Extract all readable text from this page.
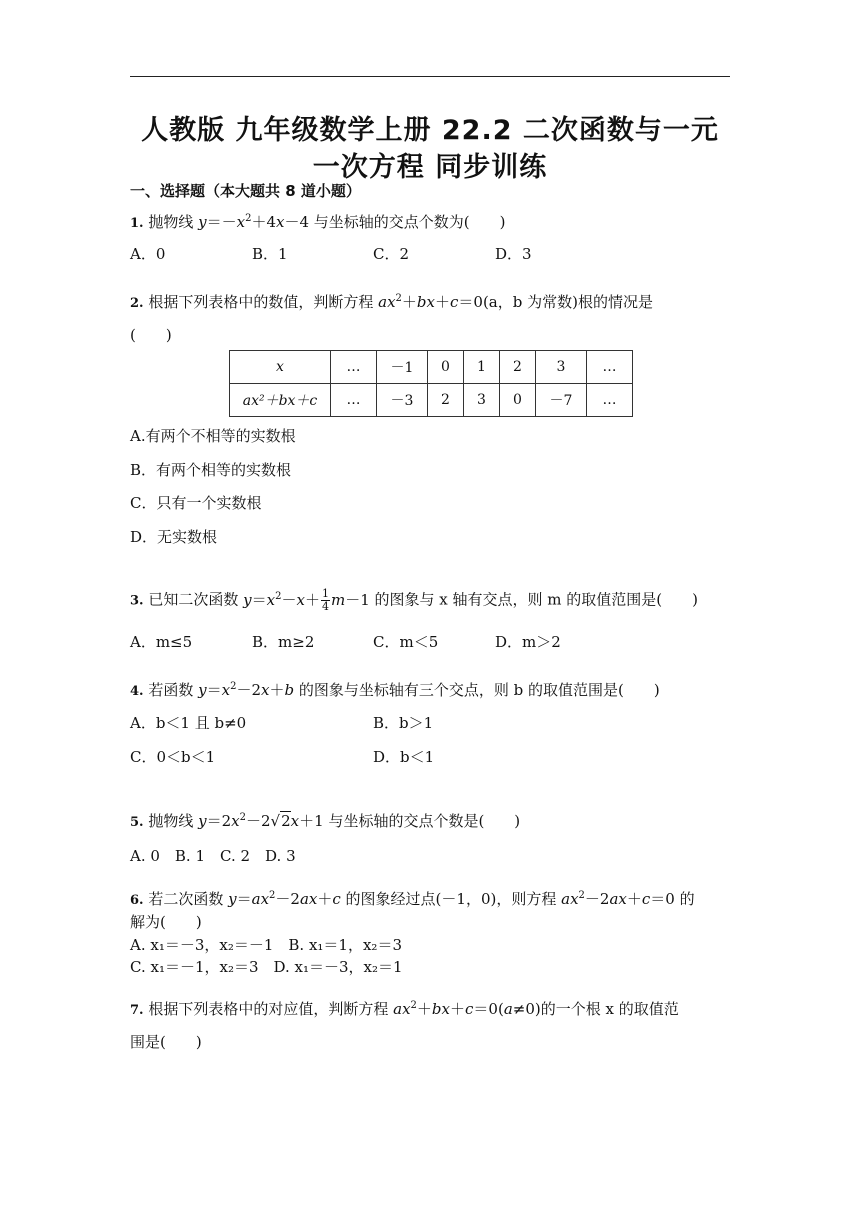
人教版 九年级数学上册 22.2 二次函数与一元
一次方程 同步训练
一、选择题（本大题共 8 道小题）
1. 抛物线 $y=-x^2+4x-4$ 与坐标轴的交点个数为(　　)
A．0	B．1	C．2	D．3
2. 根据下列表格中的数值，判断方程 $ax^2+bx+c=0(a$，b 为常数)根的情况是
(　　)
x	…	－1	0	1	2	3	…
ax²＋bx＋c	…	－3	2	3	0	－7	…
A.有两个不相等的实数根
B．有两个相等的实数根
C．只有一个实数根
D．无实数根
3. 已知二次函数 $y=x^2-x+ \frac{1}{4} m-1$ 的图象与 x 轴有交点，则 m 的取值范围是(　　)
A．m≤5	B．m≥2	C．m＜5	D．m＞2
4. 若函数 $y=x^2-2x+b$ 的图象与坐标轴有三个交点，则 b 的取值范围是(　　)
A．b＜1 且 b≠0	B．b＞1
C．0＜b＜1	D．b＜1
5. 抛物线 $y=2x^2-2√2x+1$ 与坐标轴的交点个数是(　　)
A. 0　B. 1　C. 2　D. 3
6. 若二次函数 $y=ax^2-2ax+c$ 的图象经过点(－1，0)，则方程 $ax^2-2ax+c=0$ 的
解为(　　)
A. x₁＝－3，x₂＝－1　B. x₁＝1，x₂＝3
C. x₁＝－1，x₂＝3　D. x₁＝－3，x₂＝1
7. 根据下列表格中的对应值，判断方程 $ax^2+bx+c=0(a\ne 0)$的一个根 x 的取值范
围是(　　)
